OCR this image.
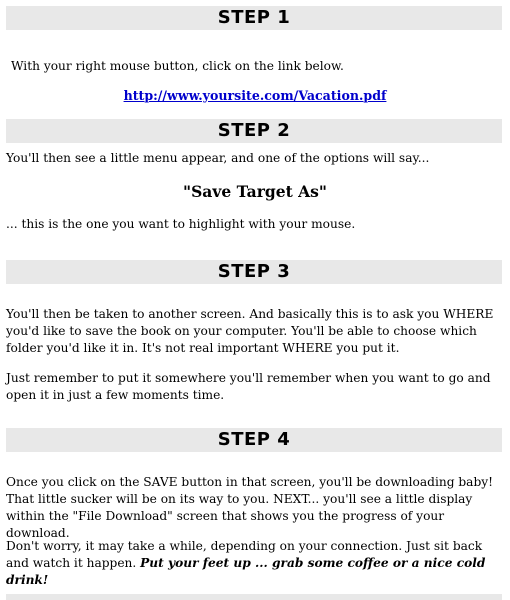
STEP 1

With your right mouse button, click on the link below.

http://www.yoursite.com/Vacation.pdf

STEP 2

You'll then see a little menu appear, and one of the options will say...

"Save Target As"

... this is the one you want to highlight with your mouse.

STEP 3

You'll then be taken to another screen. And basically this is to ask you WHERE you'd like to save the book on your computer. You'll be able to choose which folder you'd like it in. It's not real important WHERE you put it.

Just remember to put it somewhere you'll remember when you want to go and open it in just a few moments time.

STEP 4

Once you click on the SAVE button in that screen, you'll be downloading baby! That little sucker will be on its way to you. NEXT... you'll see a little display within the "File Download" screen that shows you the progress of your download.

Don't worry, it may take a while, depending on your connection. Just sit back and watch it happen. Put your feet up ... grab some coffee or a nice cold drink!
